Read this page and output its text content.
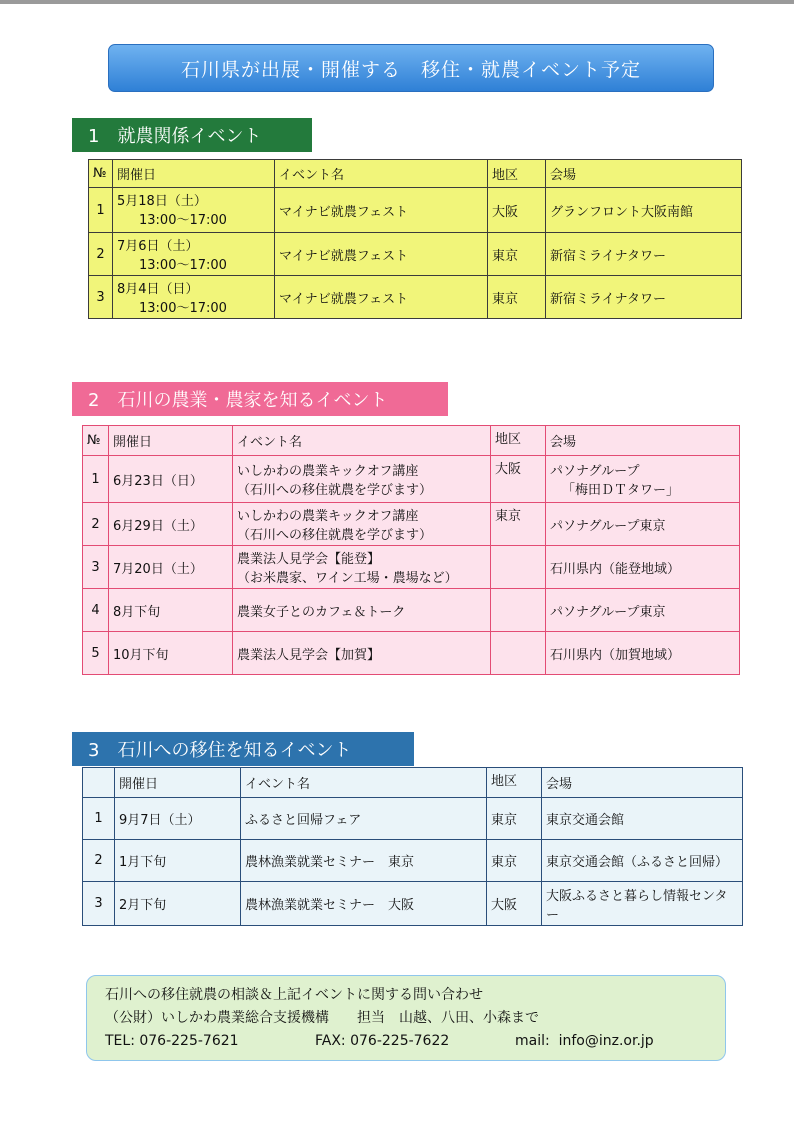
石川県が出展・開催する　移住・就農イベント予定
1　就農関係イベント
№	開催日	イベント名	地区	会場
1	5月18日（土）
13:00～17:00	マイナビ就農フェスト	大阪	グランフロント大阪南館
2	7月6日（土）
13:00～17:00	マイナビ就農フェスト	東京	新宿ミライナタワー
3	8月4日（日）
13:00～17:00	マイナビ就農フェスト	東京	新宿ミライナタワー
2　石川の農業・農家を知るイベント
№	開催日	イベント名	地区	会場
1	6月23日（日）	いしかわの農業キックオフ講座
（石川への移住就農を学びます）	大阪	パソナグループ
「梅田ＤＴタワー」

2	6月29日（土）	いしかわの農業キックオフ講座
（石川への移住就農を学びます）	東京	パソナグループ東京
3	7月20日（土）	農業法人見学会【能登】
（お米農家、ワイン工場・農場など）		石川県内（能登地域）
4	8月下旬	農業女子とのカフェ＆トーク		パソナグループ東京
5	10月下旬	農業法人見学会【加賀】		石川県内（加賀地域）
3　石川への移住を知るイベント
	開催日	イベント名	地区	会場
1	9月7日（土）	ふるさと回帰フェア	東京	東京交通会館
2	1月下旬	農林漁業就業セミナー　東京	東京	東京交通会館（ふるさと回帰）
3	2月下旬	農林漁業就業セミナー　大阪	大阪	大阪ふるさと暮らし情報センタ
ー
石川への移住就農の相談＆上記イベントに関する問い合わせ
（公財）いしかわ農業総合支援機構　　担当　山越、八田、小森まで
TEL: 076-225-7621	FAX: 076-225-7622	mail:  info@inz.or.jp
